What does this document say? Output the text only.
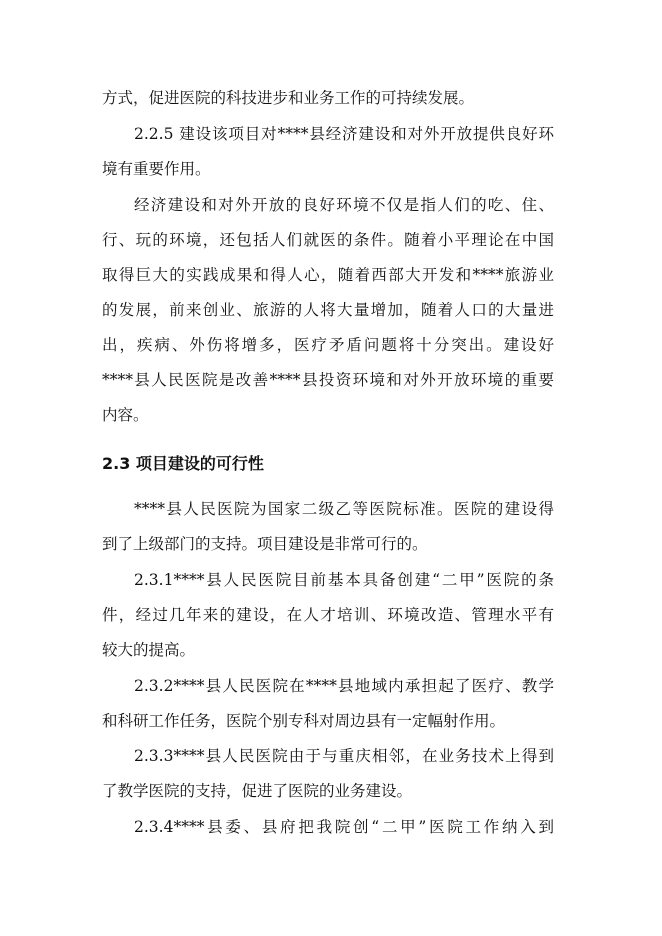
方式，促进医院的科技进步和业务工作的可持续发展。
2.2.5 建设该项目对****县经济建设和对外开放提供良好环
境有重要作用。
经济建设和对外开放的良好环境不仅是指人们的吃、住、
行、玩的环境，还包括人们就医的条件。随着小平理论在中国
取得巨大的实践成果和得人心，随着西部大开发和****旅游业
的发展，前来创业、旅游的人将大量增加，随着人口的大量进
出，疾病、外伤将增多，医疗矛盾问题将十分突出。建设好
****县人民医院是改善****县投资环境和对外开放环境的重要
内容。
2.3 项目建设的可行性
****县人民医院为国家二级乙等医院标准。医院的建设得
到了上级部门的支持。项目建设是非常可行的。
2.3.1****县人民医院目前基本具备创建“二甲”医院的条
件，经过几年来的建设，在人才培训、环境改造、管理水平有
较大的提高。
2.3.2****县人民医院在****县地域内承担起了医疗、教学
和科研工作任务，医院个别专科对周边县有一定幅射作用。
2.3.3****县人民医院由于与重庆相邻，在业务技术上得到
了教学医院的支持，促进了医院的业务建设。
2.3.4****县委、县府把我院创“二甲”医院工作纳入到
